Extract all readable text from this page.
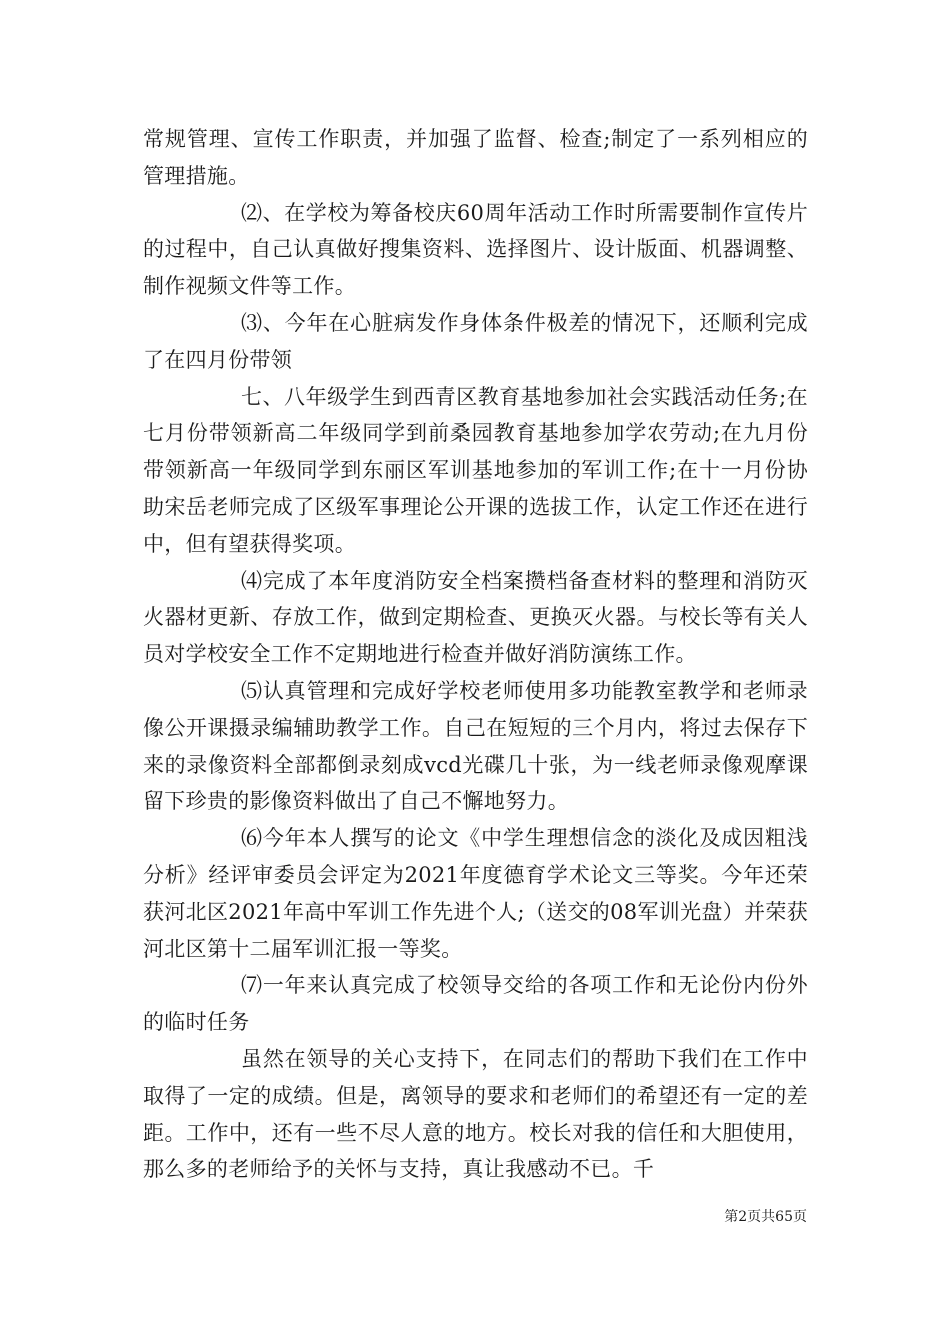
常规管理、宣传工作职责，并加强了监督、检查;制定了一系列相应的管理措施。

⑵、在学校为筹备校庆60周年活动工作时所需要制作宣传片的过程中，自己认真做好搜集资料、选择图片、设计版面、机器调整、制作视频文件等工作。

⑶、今年在心脏病发作身体条件极差的情况下，还顺利完成了在四月份带领

七、八年级学生到西青区教育基地参加社会实践活动任务;在七月份带领新高二年级同学到前桑园教育基地参加学农劳动;在九月份带领新高一年级同学到东丽区军训基地参加的军训工作;在十一月份协助宋岳老师完成了区级军事理论公开课的选拔工作，认定工作还在进行中，但有望获得奖项。

⑷完成了本年度消防安全档案攒档备查材料的整理和消防灭火器材更新、存放工作，做到定期检查、更换灭火器。与校长等有关人员对学校安全工作不定期地进行检查并做好消防演练工作。

⑸认真管理和完成好学校老师使用多功能教室教学和老师录像公开课摄录编辅助教学工作。自己在短短的三个月内，将过去保存下来的录像资料全部都倒录刻成vcd光碟几十张，为一线老师录像观摩课留下珍贵的影像资料做出了自己不懈地努力。

⑹今年本人撰写的论文《中学生理想信念的淡化及成因粗浅分析》经评审委员会评定为2021年度德育学术论文三等奖。今年还荣获河北区2021年高中军训工作先进个人;（送交的08军训光盘）并荣获河北区第十二届军训汇报一等奖。

⑺一年来认真完成了校领导交给的各项工作和无论份内份外的临时任务

虽然在领导的关心支持下，在同志们的帮助下我们在工作中取得了一定的成绩。但是，离领导的要求和老师们的希望还有一定的差距。工作中，还有一些不尽人意的地方。校长对我的信任和大胆使用，那么多的老师给予的关怀与支持，真让我感动不已。千

第2页共65页
